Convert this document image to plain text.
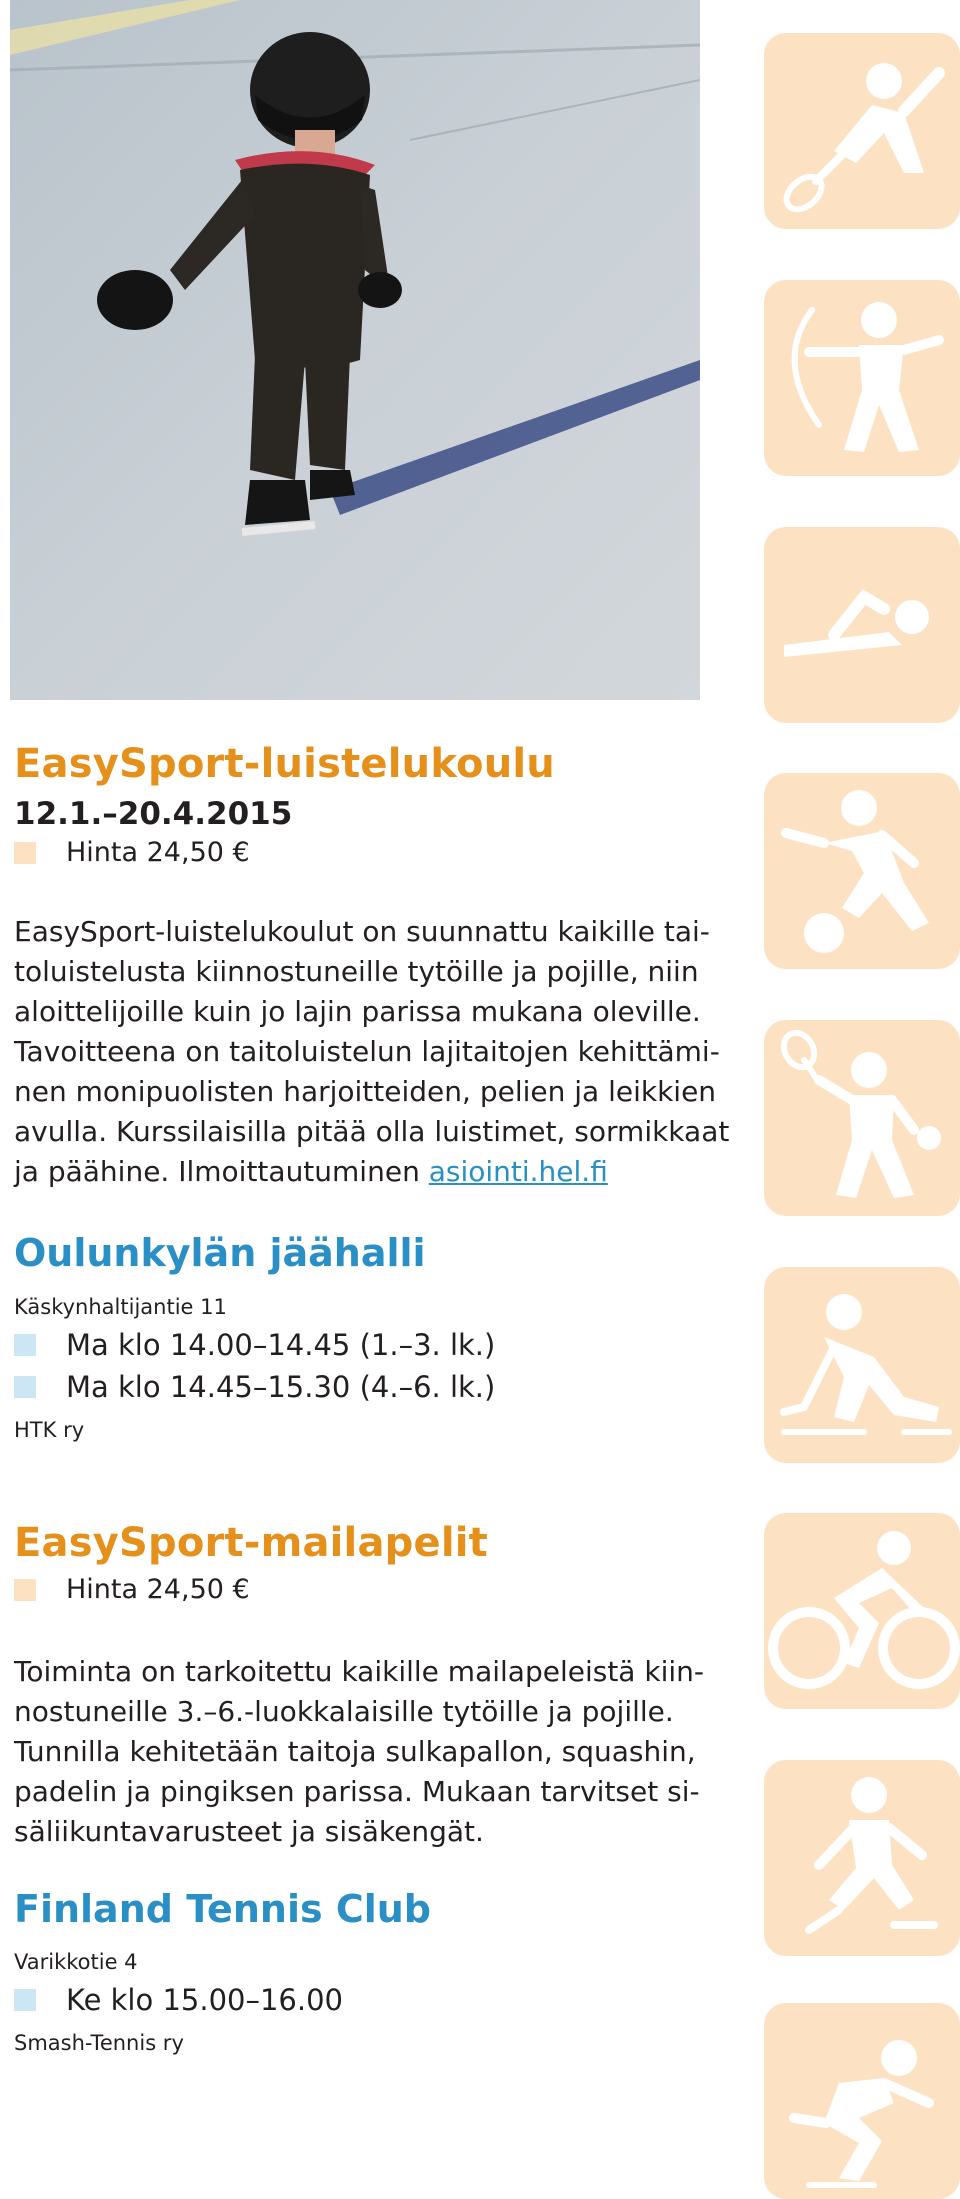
EasySport-luistelukoulu
12.1.–20.4.2015
Hinta 24,50 €
EasySport-luistelukoulut on suunnattu kaikille tai-
toluistelusta kiinnostuneille tytöille ja pojille, niin
aloittelijoille kuin jo lajin parissa mukana oleville.
Tavoitteena on taitoluistelun lajitaitojen kehittämi-
nen monipuolisten harjoitteiden, pelien ja leikkien
avulla. Kurssilaisilla pitää olla luistimet, sormikkaat
ja päähine. Ilmoittautuminen asiointi.hel.fi
Oulunkylän jäähalli
Käskynhaltijantie 11
Ma klo 14.00–14.45 (1.–3. lk.)
Ma klo 14.45–15.30 (4.–6. lk.)
HTK ry
EasySport-mailapelit
Hinta 24,50 €
Toiminta on tarkoitettu kaikille mailapeleistä kiin-
nostuneille 3.–6.-luokkalaisille tytöille ja pojille.
Tunnilla kehitetään taitoja sulkapallon, squashin,
padelin ja pingiksen parissa. Mukaan tarvitset si-
säliikuntavarusteet ja sisäkengät.
Finland Tennis Club
Varikkotie 4
Ke klo 15.00–16.00
Smash-Tennis ry
